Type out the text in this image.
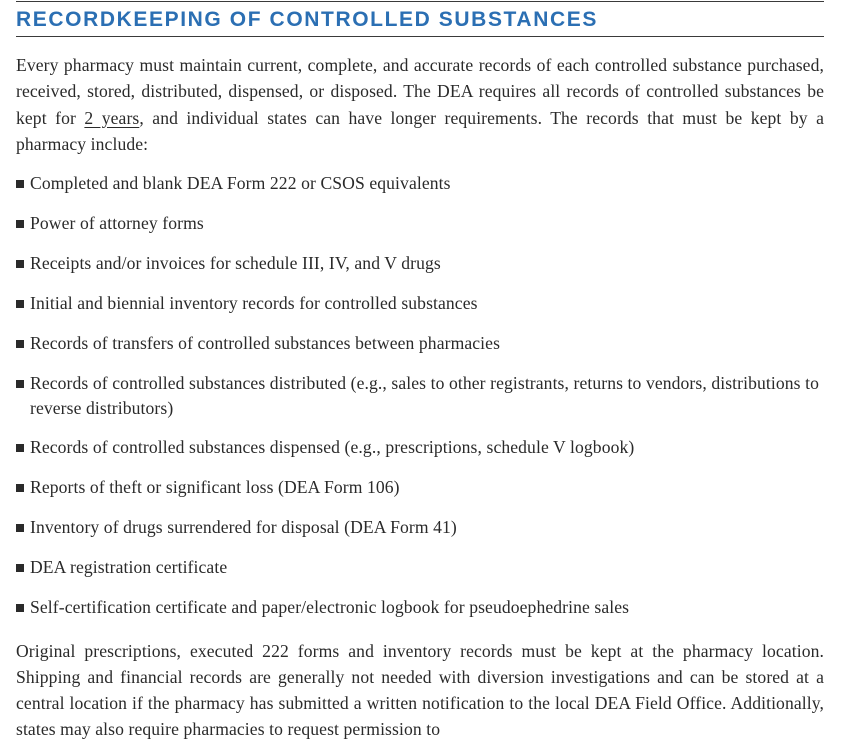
RECORDKEEPING OF CONTROLLED SUBSTANCES

Every pharmacy must maintain current, complete, and accurate records of each controlled substance purchased, received, stored, distributed, dispensed, or disposed. The DEA requires all records of controlled substances be kept for 2 years, and individual states can have longer requirements. The records that must be kept by a pharmacy include:

Completed and blank DEA Form 222 or CSOS equivalents
Power of attorney forms
Receipts and/or invoices for schedule III, IV, and V drugs
Initial and biennial inventory records for controlled substances
Records of transfers of controlled substances between pharmacies
Records of controlled substances distributed (e.g., sales to other registrants, returns to vendors, distributions to reverse distributors)
Records of controlled substances dispensed (e.g., prescriptions, schedule V logbook)
Reports of theft or significant loss (DEA Form 106)
Inventory of drugs surrendered for disposal (DEA Form 41)
DEA registration certificate
Self-certification certificate and paper/electronic logbook for pseudoephedrine sales

Original prescriptions, executed 222 forms and inventory records must be kept at the pharmacy location. Shipping and financial records are generally not needed with diversion investigations and can be stored at a central location if the pharmacy has submitted a written notification to the local DEA Field Office. Additionally, states may also require pharmacies to request permission to
